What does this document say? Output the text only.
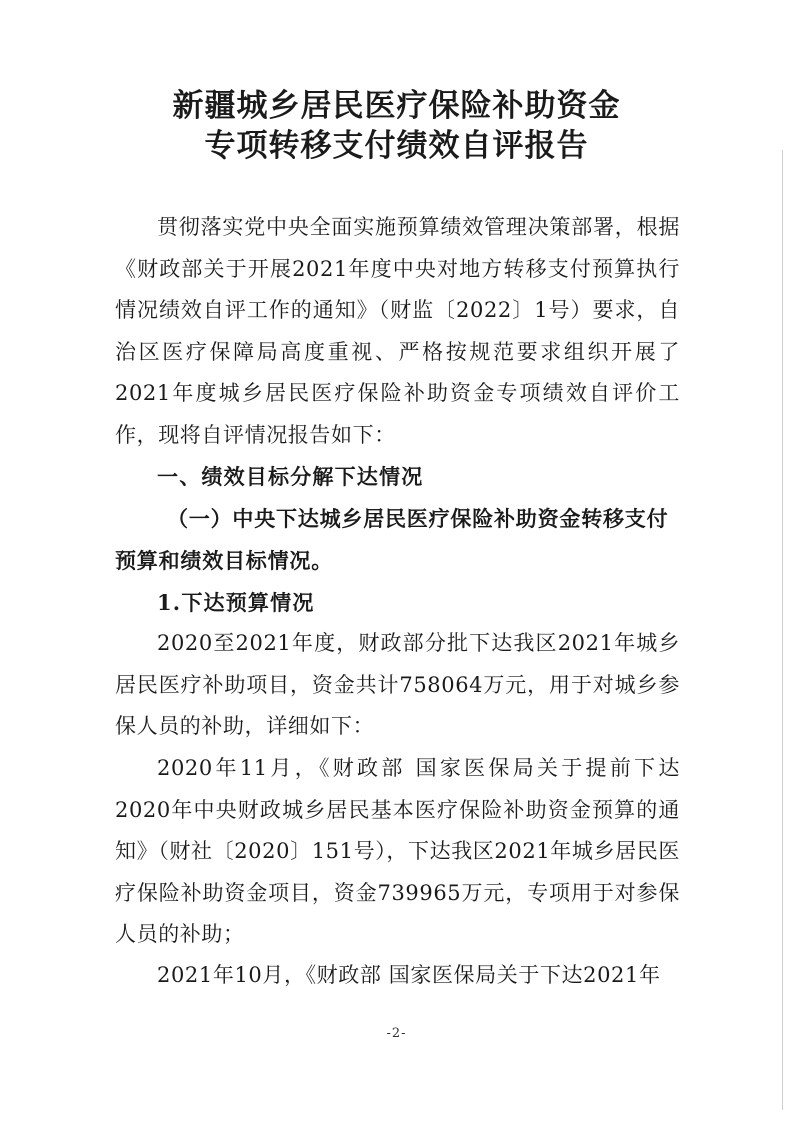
新疆城乡居民医疗保险补助资金
专项转移支付绩效自评报告

贯彻落实党中央全面实施预算绩效管理决策部署，根据《财政部关于开展2021年度中央对地方转移支付预算执行情况绩效自评工作的通知》（财监〔2022〕1号）要求，自治区医疗保障局高度重视、严格按规范要求组织开展了2021年度城乡居民医疗保险补助资金专项绩效自评价工作，现将自评情况报告如下：

一、绩效目标分解下达情况

（一）中央下达城乡居民医疗保险补助资金转移支付预算和绩效目标情况。

1.下达预算情况

2020至2021年度，财政部分批下达我区2021年城乡居民医疗补助项目，资金共计758064万元，用于对城乡参保人员的补助，详细如下：

2020年11月，《财政部 国家医保局关于提前下达2020年中央财政城乡居民基本医疗保险补助资金预算的通知》（财社〔2020〕151号），下达我区2021年城乡居民医疗保险补助资金项目，资金739965万元，专项用于对参保人员的补助；

2021年10月，《财政部 国家医保局关于下达2021年

-2-
